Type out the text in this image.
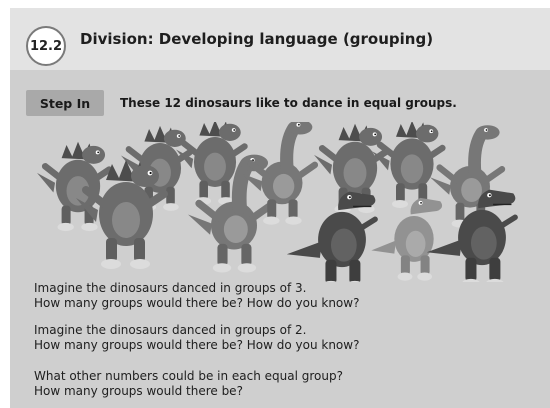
12.2 Division: Developing language (grouping)
Step In	These 12 dinosaurs like to dance in equal groups.
Imagine the dinosaurs danced in groups of 3.
How many groups would there be? How do you know?
Imagine the dinosaurs danced in groups of 2.
How many groups would there be? How do you know?
What other numbers could be in each equal group?
How many groups would there be?
